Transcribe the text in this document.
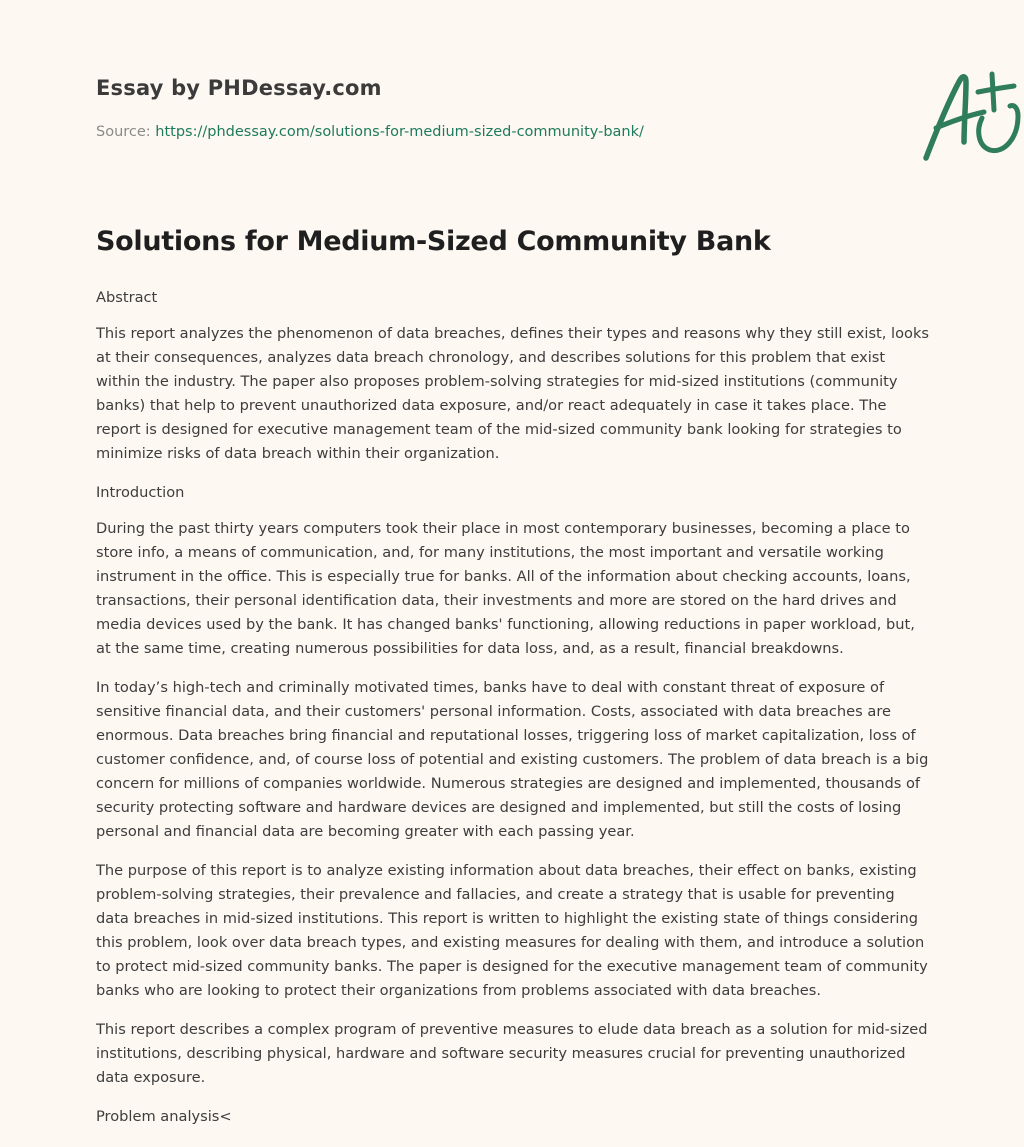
Essay by PHDessay.com
Source: https://phdessay.com/solutions-for-medium-sized-community-bank/
Solutions for Medium-Sized Community Bank

Abstract

This report analyzes the phenomenon of data breaches, defines their types and reasons why they still exist, looks at their consequences, analyzes data breach chronology, and describes solutions for this problem that exist within the industry. The paper also proposes problem-solving strategies for mid-sized institutions (community banks) that help to prevent unauthorized data exposure, and/or react adequately in case it takes place. The report is designed for executive management team of the mid-sized community bank looking for strategies to minimize risks of data breach within their organization.

Introduction

During the past thirty years computers took their place in most contemporary businesses, becoming a place to store info, a means of communication, and, for many institutions, the most important and versatile working instrument in the office. This is especially true for banks. All of the information about checking accounts, loans, transactions, their personal identification data, their investments and more are stored on the hard drives and media devices used by the bank. It has changed banks' functioning, allowing reductions in paper workload, but, at the same time, creating numerous possibilities for data loss, and, as a result, financial breakdowns.

In today’s high-tech and criminally motivated times, banks have to deal with constant threat of exposure of sensitive financial data, and their customers' personal information. Costs, associated with data breaches are enormous. Data breaches bring financial and reputational losses, triggering loss of market capitalization, loss of customer confidence, and, of course loss of potential and existing customers. The problem of data breach is a big concern for millions of companies worldwide. Numerous strategies are designed and implemented, thousands of security protecting software and hardware devices are designed and implemented, but still the costs of losing personal and financial data are becoming greater with each passing year.

The purpose of this report is to analyze existing information about data breaches, their effect on banks, existing problem-solving strategies, their prevalence and fallacies, and create a strategy that is usable for preventing data breaches in mid-sized institutions. This report is written to highlight the existing state of things considering this problem, look over data breach types, and existing measures for dealing with them, and introduce a solution to protect mid-sized community banks. The paper is designed for the executive management team of community banks who are looking to protect their organizations from problems associated with data breaches.

This report describes a complex program of preventive measures to elude data breach as a solution for mid-sized institutions, describing physical, hardware and software security measures crucial for preventing unauthorized data exposure.

Problem analysis<
